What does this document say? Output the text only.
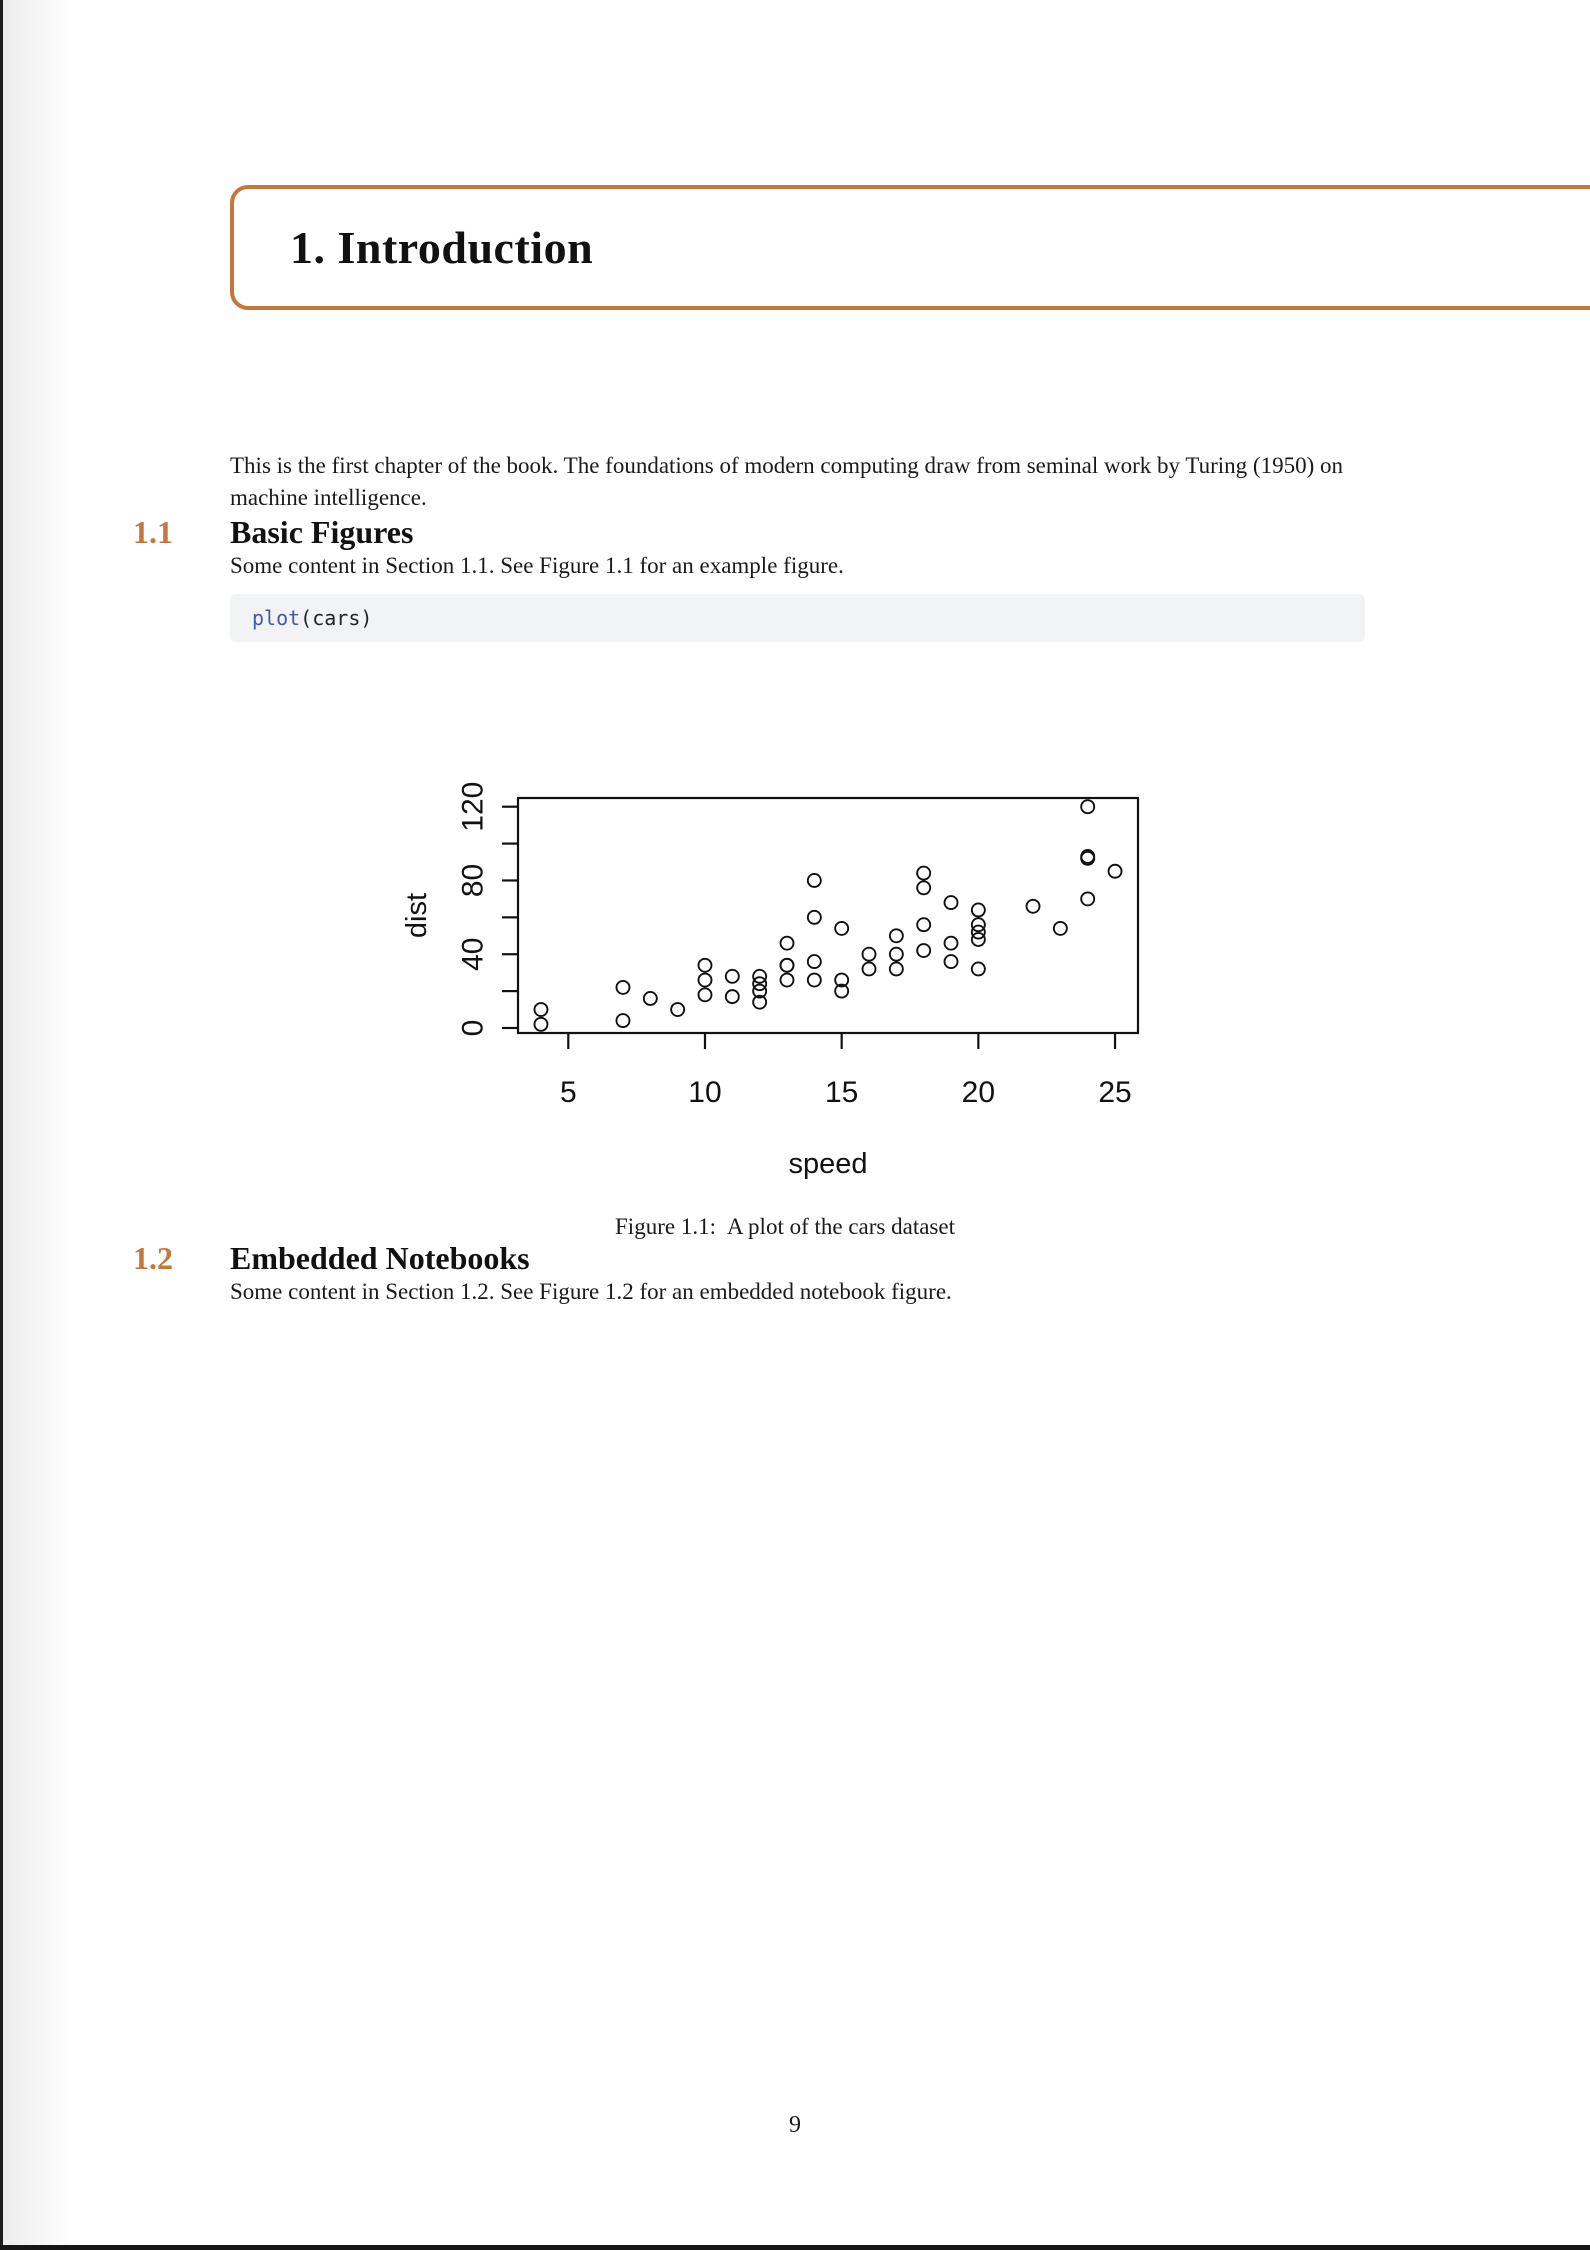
1. Introduction

This is the first chapter of the book. The foundations of modern computing draw from seminal work by Turing (1950) on machine intelligence.

1.1 Basic Figures

Some content in Section 1.1. See Figure 1.1 for an example figure.

plot(cars)
5	10	15	20	25
0
40
80
120
speed
dist
Figure 1.1: A plot of the cars dataset
1.2 Embedded Notebooks

Some content in Section 1.2. See Figure 1.2 for an embedded notebook figure.

9
